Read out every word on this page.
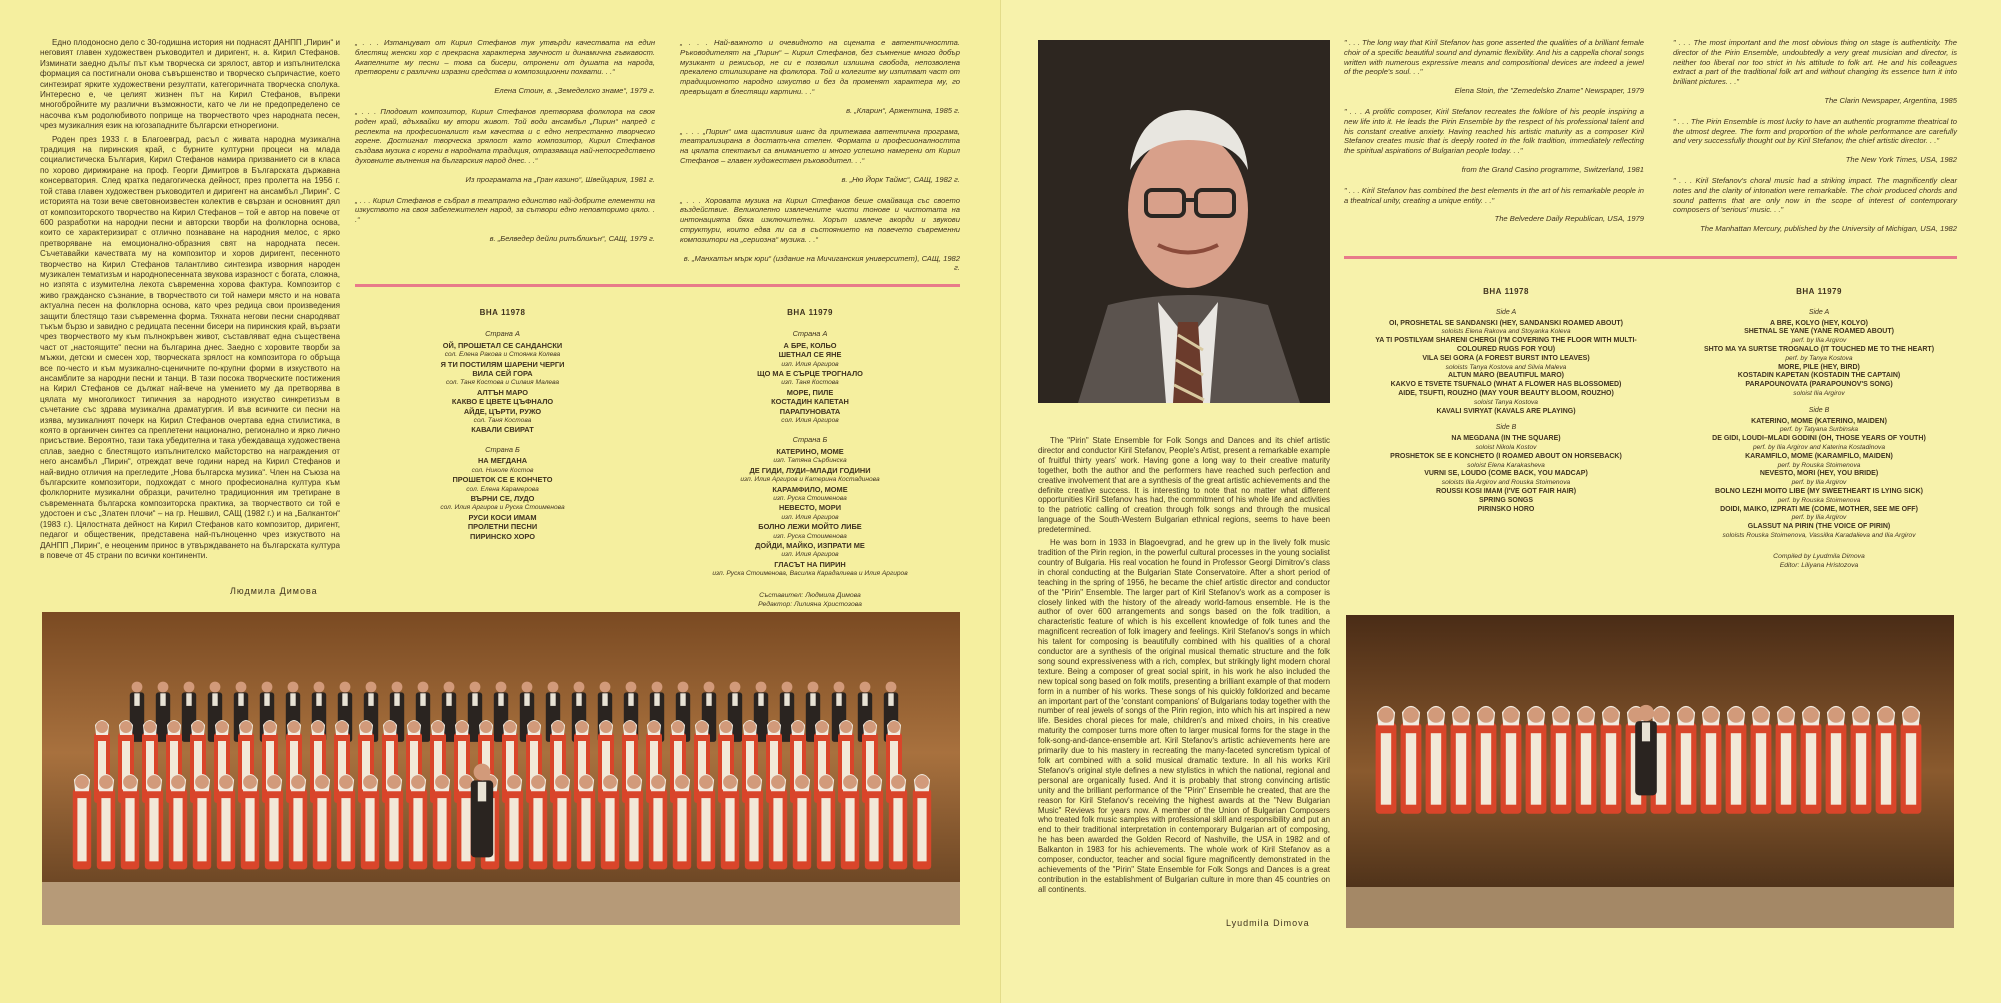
Едно плодоносно дело с 30-годишна история ни поднасят ДАНПП „Пирин“ и неговият главен художествен ръководител и диригент, н. а. Кирил Стефанов. Изминати заедно дълъг път към творческа си зрялост, автор и изпълнителска формация са постигнали онова съвършенство и творческо съпричастие, което синтезират ярките художествени резултати, категоричната творческа сполука. Интересно е, че целият жизнен път на Кирил Стефанов, въпреки многобройните му различни възможности, като че ли не предопределено се насочва към родолюбивото поприще на творчеството чрез народната песен, чрез музикалния език на югозападните български етнорегиони.

Роден през 1933 г. в Благоевград, расъл с живата народна музикална традиция на пиринския край, с бурните културни процеси на млада социалистическа България, Кирил Стефанов намира призванието си в класа по хорово дирижиране на проф. Георги Димитров в Българската държавна консерватория. След кратка педагогическа дейност, през пролетта на 1956 г. той става главен художествен ръководител и диригент на ансамбъл „Пирин“. С историята на този вече световноизвестен колектив е свързан и основният дял от композиторското творчество на Кирил Стефанов – той е автор на повече от 600 разработки на народни песни и авторски творби на фолклорна основа, които се характеризират с отлично познаване на народния мелос, с ярко претворяване на емоционално-образния свят на народната песен. Съчетавайки качествата му на композитор и хоров диригент, песенното творчество на Кирил Стефанов талантливо синтезира изворния народен музикален тематизъм и народнопесенната звукова изразност с богата, сложна, но изпята с изумителна лекота съвременна хорова фактура. Композитор с живо гражданско съзнание, в творчеството си той намери място и на новата актуална песен на фолклорна основа, като чрез редица свои произведения защити блестящо тази съвременна форма. Тяхната негови песни снародяват тъкъм бързо и завидно с редицата песенни бисери на пиринския край, вързати чрез творчеството му към пълнокръвен живот, съставляват една съществена част от „настоящите“ песни на българина днес. Заедно с хоровите творби за мъжки, детски и смесен хор, творческата зрялост на композитора го обръща все по-често и към музикално-сценичните по-крупни форми в изкуството на ансамблите за народни песни и танци. В тази посока творческите постижения на Кирил Стефанов се дължат най-вече на умението му да претворява в цялата му многоликост типичния за народното изкуство синкретизъм в съчетание със здрава музикална драматургия. И във всичките си песни на изява, музикалният почерк на Кирил Стефанов очертава една стилистика, в която в органичен синтез са преплетени национално, регионално и ярко лично присъствие. Вероятно, тази така убедителна и така убеждаваща художествена сплав, заедно с блестящото изпълнителско майсторство на награждения от него ансамбъл „Пирин“, отреждат вече години наред на Кирил Стефанов и най-видно отличия на прегледите „Нова българска музика“. Член на Съюза на българските композитори, подхождат с много професионална култура към фолклорните музикални образци, рачително традиционния им третиране в съвременната българска композиторска практика, за творчеството си той е удостоен и със „Златен плочи“ – на гр. Нешвил, САЩ (1982 г.) и на „Балкантон“ (1983 г.). Цялостната дейност на Кирил Стефанов като композитор, диригент, педагог и общественик, представена най-пълноценно чрез изкуството на ДАНПП „Пирин“, е неоценим принос в утвърждаването на българската култура в повече от 45 страни по всички континенти.

Людмила Димова

„ . . . Изтанцуват от Кирил Стефанов тук утвърди качествата на един блестящ женски хор с прекрасна характерна звучност и динамична гъвкавост. Акапелните му песни – това са бисери, отронени от душата на народа, претворени с различни изразни средства и композиционни похвати. . .“

Елена Стоин, в. „Земеделско знаме“, 1979 г.

„ . . . Плодовит композитор, Кирил Стефанов претворява фолклора на своя роден край, вдъхвайки му втори живот. Той води ансамбъл „Пирин“ напред с респекта на професионалист към качества и с едно непрестанно творческо горене. Достигнал творческа зрялост като композитор, Кирил Стефанов създава музика с корени в народната традиция, отразяваща най-непосредствено духовните вълнения на българския народ днес. . .“

Из програмата на „Гран казино“, Швейцария, 1981 г.

„ . . . Кирил Стефанов е събрал в театрално единство най-добрите елементи на изкуството на своя забележителен народ, за сътвори едно неповторимо цяло. . .“

в. „Белведер дейли рипъбликън“, САЩ, 1979 г.

„ . . . Най-важното и очевидното на сцената е автентичността. Ръководителят на „Пирин“ – Кирил Стефанов, без съмнение много добър музикант и режисьор, не си е позволил излишна свобода, непозволена прекалено стилизиране на фолклора. Той и колегите му изпитват част от традиционното народно изкуство и без да променят характера му, го превръщат в блестящи картини. . .“

в. „Кларин“, Аржентина, 1985 г.

„ . . . „Пирин“ има щастливия шанс да притежава автентична програма, театрализирана в достатъчна степен. Формата и професионалността на цялата спектакъл са вниманието и много успешно намерени от Кирил Стефанов – главен художествен ръководител. . .“

в. „Ню Йорк Таймс“, САЩ, 1982 г.

„ . . . Хоровата музика на Кирил Стефанов беше смайваща със своето въздействие. Великолепно извлечените чисти тонове и чистотата на интонацията бяха изключителни. Хорът извлече акорди и звукови структури, които едва ли са в състоянието на повечето съвременни композитори на „сериозна“ музика. . .“

в. „Манхатън мърк юри“ (издание на Мичиганския университет), САЩ, 1982 г.
ВНА 11978
Страна А
ОЙ, ПРОШЕТАЛ СЕ САНДАНСКИ
сол. Елена Ракова и Стоянка Колева
Я ТИ ПОСТИЛЯМ ШАРЕНИ ЧЕРГИ
ВИЛА СЕЙ ГОРА
сол. Таня Костова и Силвия Малева
АЛТЪН МАРО
КАКВО Е ЦВЕТЕ ЦЪФНАЛО
АЙДЕ, ЦЪРТИ, РУЖО
сол. Таня Костова
КАВАЛИ СВИРАТ
Страна Б
НА МЕГДАНА
сол. Николе Костов
ПРОШЕТОК СЕ Е КОНЧЕТО
сол. Елена Карамерова
ВЪРНИ СЕ, ЛУДО
сол. Илия Аргиров и Руска Стоименова
РУСИ КОСИ ИМАМ
ПРОЛЕТНИ ПЕСНИ
ПИРИНСКО ХОРО
ВНА 11979
Страна А
А БРЕ, КОЛЬО
ШЕТНАЛ СЕ ЯНЕ
изп. Илия Аргиров
ЩО МА Е СЪРЦЕ ТРОГНАЛО
изп. Таня Костова
МОРЕ, ПИЛЕ
КОСТАДИН КАПЕТАН
ПАРАПУНОВАТА
сол. Илия Аргиров
Страна Б
КАТЕРИНО, МОМЕ
изп. Татяна Сърбинска
ДЕ ГИДИ, ЛУДИ–МЛАДИ ГОДИНИ
изп. Илия Аргиров и Катерина Костадинова
КАРАМФИЛО, МОМЕ
изп. Руска Стоименова
НЕВЕСТО, МОРИ
изп. Илия Аргиров
БОЛНО ЛЕЖИ МОЙТО ЛИБЕ
изп. Руска Стоименова
ДОЙДИ, МАЙКО, ИЗПРАТИ МЕ
изп. Илия Аргиров
ГЛАСЪТ НА ПИРИН
изп. Руска Стоименова, Василка Карадалиева и Илия Аргиров
Съставител: Людмила Димова
Редактор: Лилияна Христозова

" . . . The long way that Kiril Stefanov has gone asserted the qualities of a brilliant female choir of a specific beautiful sound and dynamic flexibility. And his a cappella choral songs written with numerous expressive means and compositional devices are indeed a jewel of the people's soul. . ."

Elena Stoin, the "Zemedelsko Zname" Newspaper, 1979

" . . . A prolific composer, Kiril Stefanov recreates the folklore of his people inspiring a new life into it. He leads the Pirin Ensemble by the respect of his professional talent and his constant creative anxiety. Having reached his artistic maturity as a composer Kiril Stefanov creates music that is deeply rooted in the folk tradition, immediately reflecting the spiritual aspirations of Bulgarian people today. . ."

from the Grand Casino programme, Switzerland, 1981

" . . . Kiril Stefanov has combined the best elements in the art of his remarkable people in a theatrical unity, creating a unique entity. . ."

The Belvedere Daily Republican, USA, 1979

" . . . The most important and the most obvious thing on stage is authenticity. The director of the Pirin Ensemble, undoubtedly a very great musician and director, is neither too liberal nor too strict in his attitude to folk art. He and his colleagues extract a part of the traditional folk art and without changing its essence turn it into brilliant pictures. . ."

The Clarin Newspaper, Argentina, 1985

" . . . The Pirin Ensemble is most lucky to have an authentic programme theatrical to the utmost degree. The form and proportion of the whole performance are carefully and very successfully thought out by Kiril Stefanov, the chief artistic director. . ."

The New York Times, USA, 1982

" . . . Kiril Stefanov's choral music had a striking impact. The magnificently clear notes and the clarity of intonation were remarkable. The choir produced chords and sound patterns that are only now in the scope of interest of contemporary composers of 'serious' music. . ."

The Manhattan Mercury, published by the University of Michigan, USA, 1982
ВНА 11978
Side A
OI, PROSHETAL SE SANDANSKI (HEY, SANDANSKI ROAMED ABOUT)
soloists Elena Rakova and Stoyanka Koleva
YA TI POSTILYAM SHARENI CHERGI (I'M COVERING THE FLOOR WITH MULTI-COLOURED RUGS FOR YOU)
VILA SEI GORA (A FOREST BURST INTO LEAVES)
soloists Tanya Kostova and Silvia Maleva
ALTUN MARO (BEAUTIFUL MARO)
KAKVO E TSVETE TSUFNALO (WHAT A FLOWER HAS BLOSSOMED)
AIDE, TSUFTI, ROUZHO (MAY YOUR BEAUTY BLOOM, ROUZHO)
soloist Tanya Kostova
KAVALI SVIRYAT (KAVALS ARE PLAYING)
Side B
NA MEGDANA (IN THE SQUARE)
soloist Nikola Kostov
PROSHETOK SE E KONCHETO (I ROAMED ABOUT ON HORSEBACK)
soloist Elena Karakasheva
VURNI SE, LOUDO (COME BACK, YOU MADCAP)
soloists Ilia Argirov and Rouska Stoimenova
ROUSSI KOSI IMAM (I'VE GOT FAIR HAIR)
SPRING SONGS
PIRINSKO HORO
ВНА 11979
Side A
A BRE, KOLYO (HEY, KOLYO)
SHETNAL SE YANE (YANE ROAMED ABOUT)
perf. by Ilia Argirov
SHTO MA YA SURTSE TROGNALO (IT TOUCHED ME TO THE HEART)
perf. by Tanya Kostova
MORE, PILE (HEY, BIRD)
KOSTADIN KAPETAN (KOSTADIN THE CAPTAIN)
PARAPOUNOVATA (PARAPOUNOV'S SONG)
soloist Ilia Argirov
Side B
KATERINO, MOME (KATERINO, MAIDEN)
perf. by Tatyana Surbinska
DE GIDI, LOUDI–MLADI GODINI (OH, THOSE YEARS OF YOUTH)
perf. by Ilia Argirov and Katerina Kostadinova
KARAMFILO, MOME (KARAMFILO, MAIDEN)
perf. by Rouska Stoimenova
NEVESTO, MORI (HEY, YOU BRIDE)
perf. by Ilia Argirov
BOLNO LEZHI MOITO LIBE (MY SWEETHEART IS LYING SICK)
perf. by Rouska Stoimenova
DOIDI, MAIKO, IZPRATI ME (COME, MOTHER, SEE ME OFF)
perf. by Ilia Argirov
GLASSUT NA PIRIN (THE VOICE OF PIRIN)
soloists Rouska Stoimenova, Vassilka Karadalieva and Ilia Argirov
Compiled by Lyudmila Dimova
Editor: Liliyana Hristozova

The "Pirin" State Ensemble for Folk Songs and Dances and its chief artistic director and conductor Kiril Stefanov, People's Artist, present a remarkable example of fruitful thirty years' work. Having gone a long way to their creative maturity together, both the author and the performers have reached such perfection and creative involvement that are a synthesis of the great artistic achievements and the definite creative success. It is interesting to note that no matter what different opportunities Kiril Stefanov has had, the commitment of his whole life and activities to the patriotic calling of creation through folk songs and through the musical language of the South-Western Bulgarian ethnical regions, seems to have been predetermined.

He was born in 1933 in Blagoevgrad, and he grew up in the lively folk music tradition of the Pirin region, in the powerful cultural processes in the young socialist country of Bulgaria. His real vocation he found in Professor Georgi Dimitrov's class in choral conducting at the Bulgarian State Conservatoire. After a short period of teaching in the spring of 1956, he became the chief artistic director and conductor of the "Pirin" Ensemble. The larger part of Kiril Stefanov's work as a composer is closely linked with the history of the already world-famous ensemble. He is the author of over 600 arrangements and songs based on the folk tradition, a characteristic feature of which is his excellent knowledge of folk tunes and the magnificent recreation of folk imagery and feelings. Kiril Stefanov's songs in which his talent for composing is beautifully combined with his qualities of a choral conductor are a synthesis of the original musical thematic structure and the folk song sound expressiveness with a rich, complex, but strikingly light modern choral texture. Being a composer of great social spirit, in his work he also included the new topical song based on folk motifs, presenting a brilliant example of that modern form in a number of his works. These songs of his quickly folklorized and became an important part of the 'constant companions' of Bulgarians today together with the number of real jewels of songs of the Pirin region, into which his art inspired a new life. Besides choral pieces for male, children's and mixed choirs, in his creative maturity the composer turns more often to larger musical forms for the stage in the folk-song-and-dance-ensemble art. Kiril Stefanov's artistic achievements here are primarily due to his mastery in recreating the many-faceted syncretism typical of folk art combined with a solid musical dramatic texture. In all his works Kiril Stefanov's original style defines a new stylistics in which the national, regional and personal are organically fused. And it is probably that strong convincing artistic unity and the brilliant performance of the "Pirin" Ensemble he created, that are the reason for Kiril Stefanov's receiving the highest awards at the "New Bulgarian Music" Reviews for years now. A member of the Union of Bulgarian Composers who treated folk music samples with professional skill and responsibility and put an end to their traditional interpretation in contemporary Bulgarian art of composing, he has been awarded the Golden Record of Nashville, the USA in 1982 and of Balkanton in 1983 for his achievements. The whole work of Kiril Stefanov as a composer, conductor, teacher and social figure magnificently demonstrated in the achievements of the "Pirin" State Ensemble for Folk Songs and Dances is a great contribution in the establishment of Bulgarian culture in more than 45 countries on all continents.

Lyudmila Dimova
